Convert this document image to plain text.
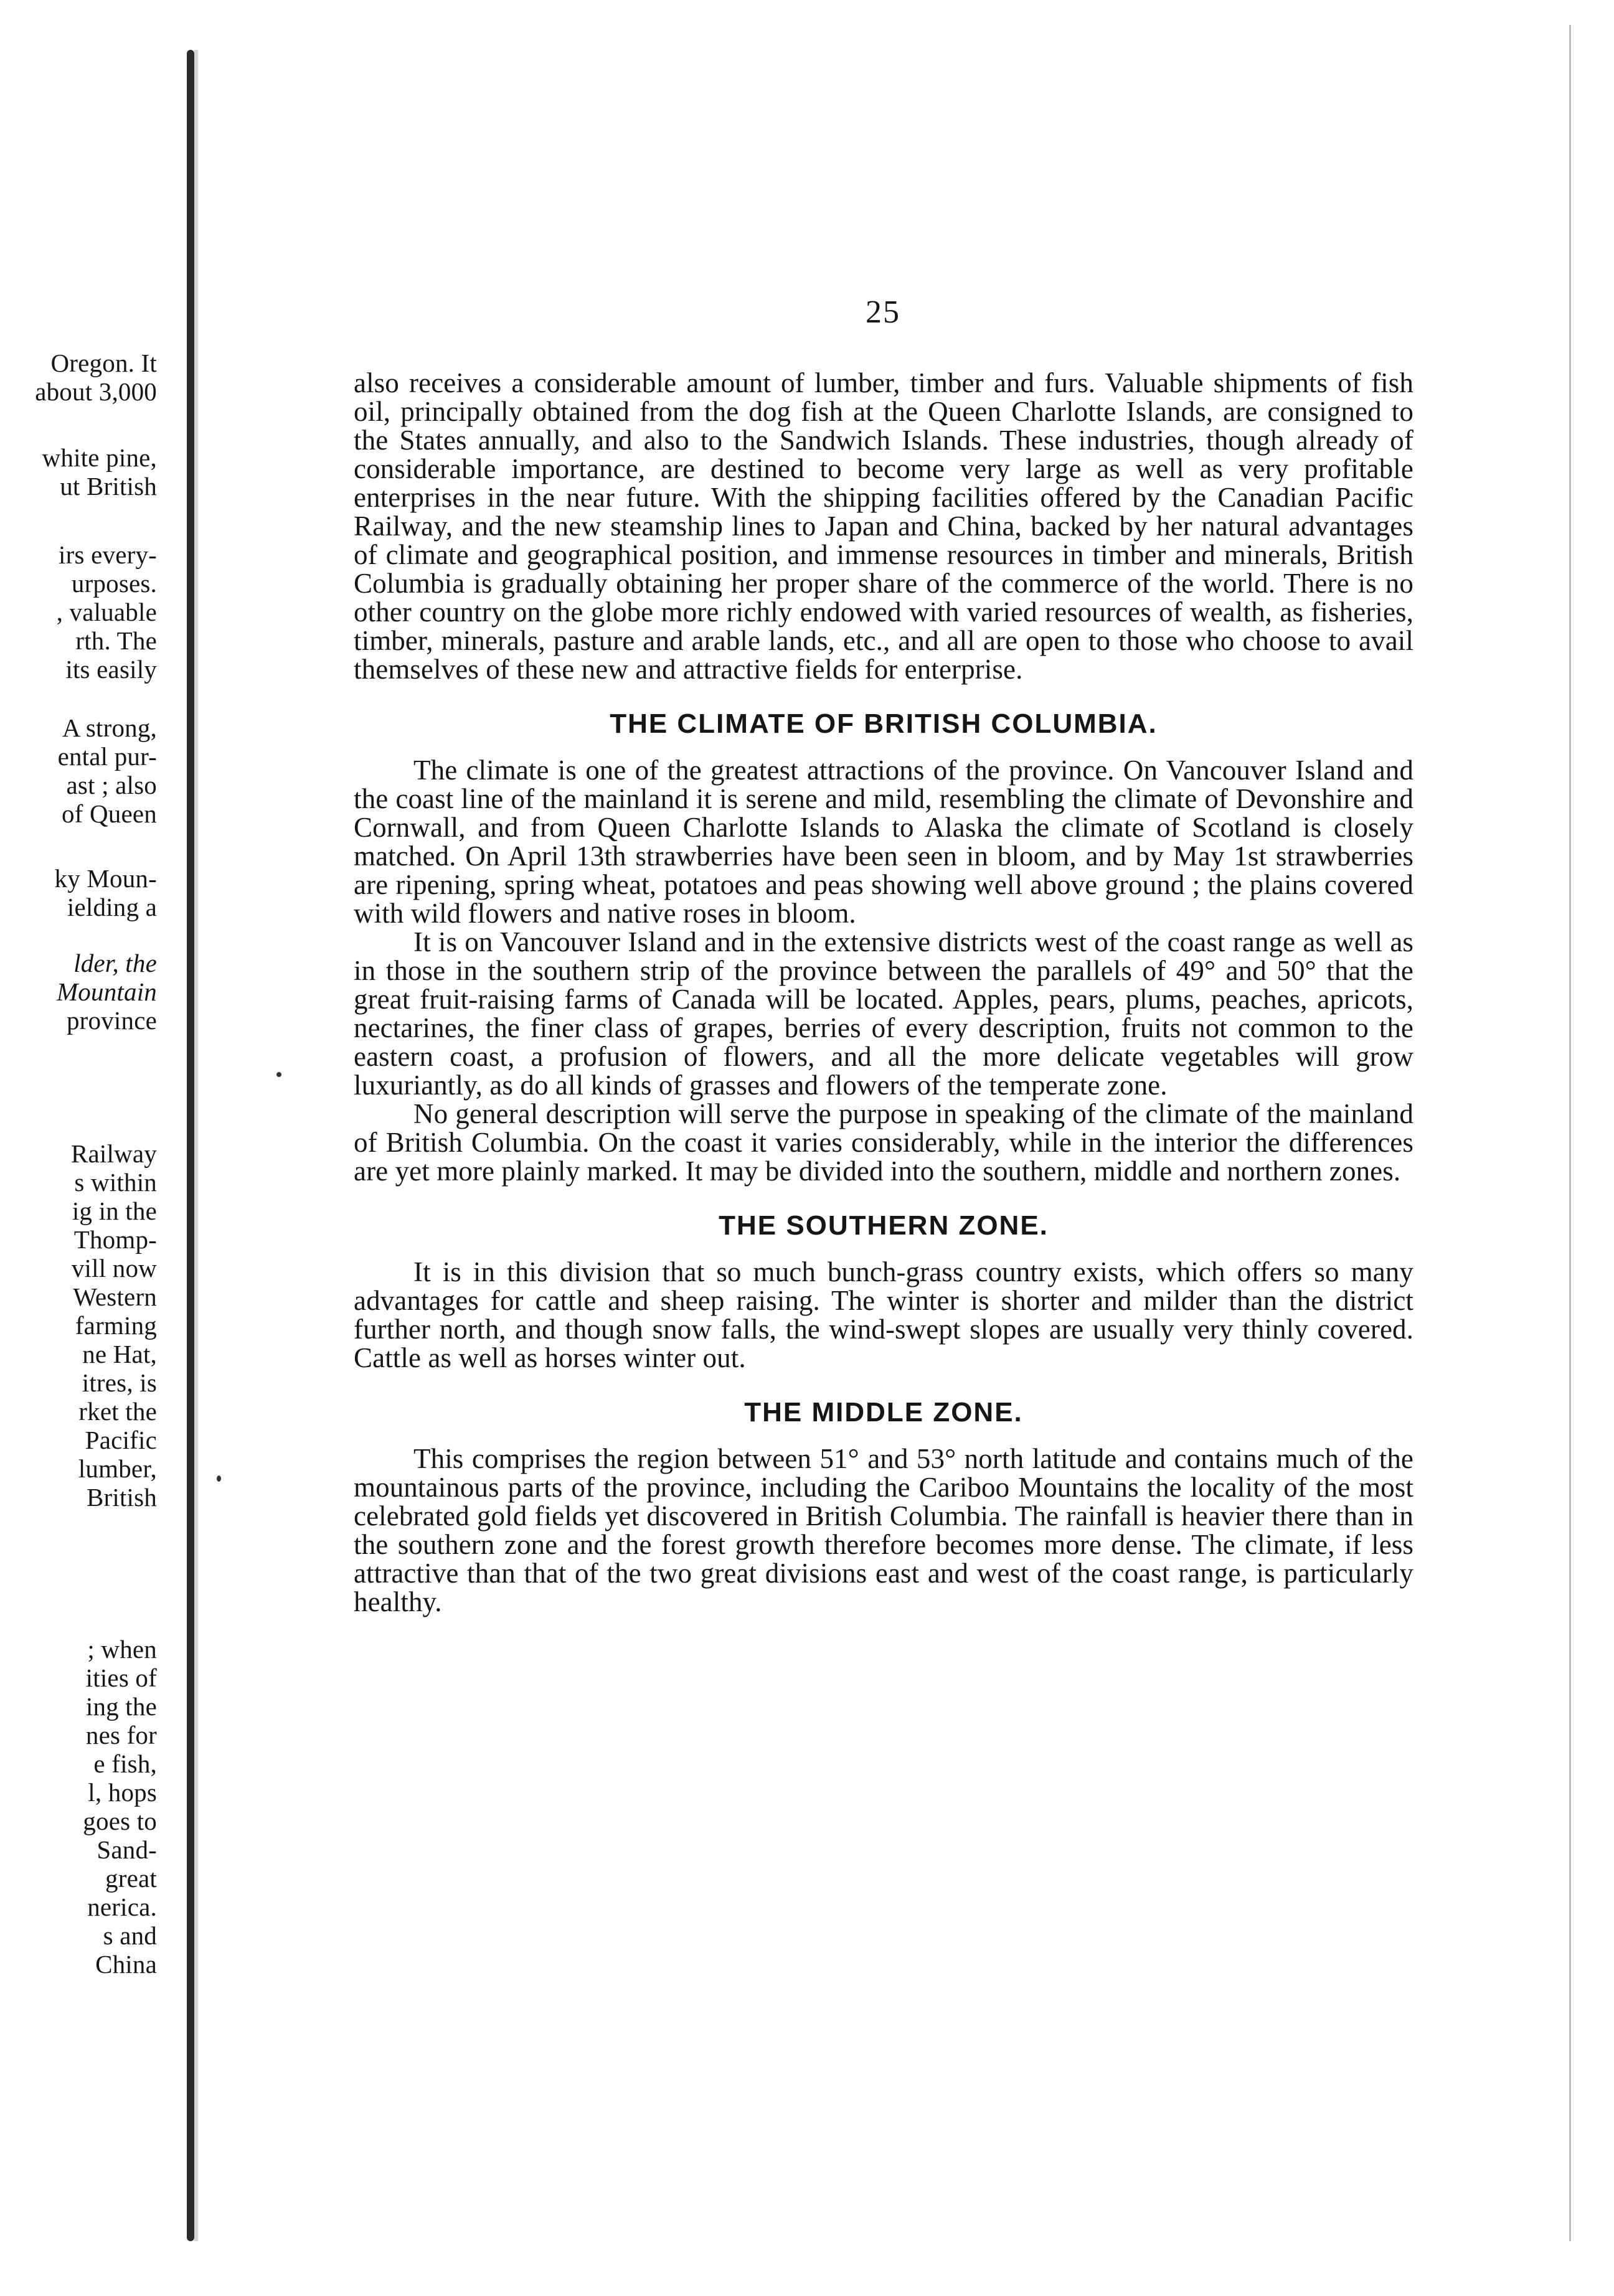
Oregon. It
about 3,000
white pine,
ut British
irs every-
urposes.
, valuable
rth. The
its easily
A strong,
ental pur-
ast ; also
of Queen
ky Moun-
ielding a
lder, the
Mountain
province
Railway
s within
ig in the
Thomp-
vill now
Western
farming
ne Hat,
itres, is
rket the
Pacific
lumber,
British
; when
ities of
ing the
nes for
e fish,
l, hops
goes to
Sand-
great
nerica.
s and
China
25

also receives a considerable amount of lumber, timber and furs. Valuable shipments of fish oil, principally obtained from the dog fish at the Queen Charlotte Islands, are consigned to the States annually, and also to the Sandwich Islands. These industries, though already of considerable importance, are destined to become very large as well as very profitable enterprises in the near future. With the shipping facilities offered by the Canadian Pacific Railway, and the new steamship lines to Japan and China, backed by her natural advantages of climate and geographical position, and immense resources in timber and minerals, British Columbia is gradually obtaining her proper share of the commerce of the world. There is no other country on the globe more richly endowed with varied resources of wealth, as fisheries, timber, minerals, pasture and arable lands, etc., and all are open to those who choose to avail themselves of these new and attractive fields for enterprise.

THE CLIMATE OF BRITISH COLUMBIA.

The climate is one of the greatest attractions of the province. On Vancouver Island and the coast line of the mainland it is serene and mild, resembling the climate of Devonshire and Cornwall, and from Queen Charlotte Islands to Alaska the climate of Scotland is closely matched. On April 13th strawberries have been seen in bloom, and by May 1st strawberries are ripening, spring wheat, potatoes and peas showing well above ground ; the plains covered with wild flowers and native roses in bloom.

It is on Vancouver Island and in the extensive districts west of the coast range as well as in those in the southern strip of the province between the parallels of 49° and 50° that the great fruit-raising farms of Canada will be located. Apples, pears, plums, peaches, apricots, nectarines, the finer class of grapes, berries of every description, fruits not common to the eastern coast, a profusion of flowers, and all the more delicate vegetables will grow luxuriantly, as do all kinds of grasses and flowers of the temperate zone.

No general description will serve the purpose in speaking of the climate of the mainland of British Columbia. On the coast it varies considerably, while in the interior the differences are yet more plainly marked. It may be divided into the southern, middle and northern zones.

THE SOUTHERN ZONE.

It is in this division that so much bunch-grass country exists, which offers so many advantages for cattle and sheep raising. The winter is shorter and milder than the district further north, and though snow falls, the wind-swept slopes are usually very thinly covered. Cattle as well as horses winter out.

THE MIDDLE ZONE.

This comprises the region between 51° and 53° north latitude and contains much of the mountainous parts of the province, including the Cariboo Mountains the locality of the most celebrated gold fields yet discovered in British Columbia. The rainfall is heavier there than in the southern zone and the forest growth therefore becomes more dense. The climate, if less attractive than that of the two great divisions east and west of the coast range, is particularly healthy.
